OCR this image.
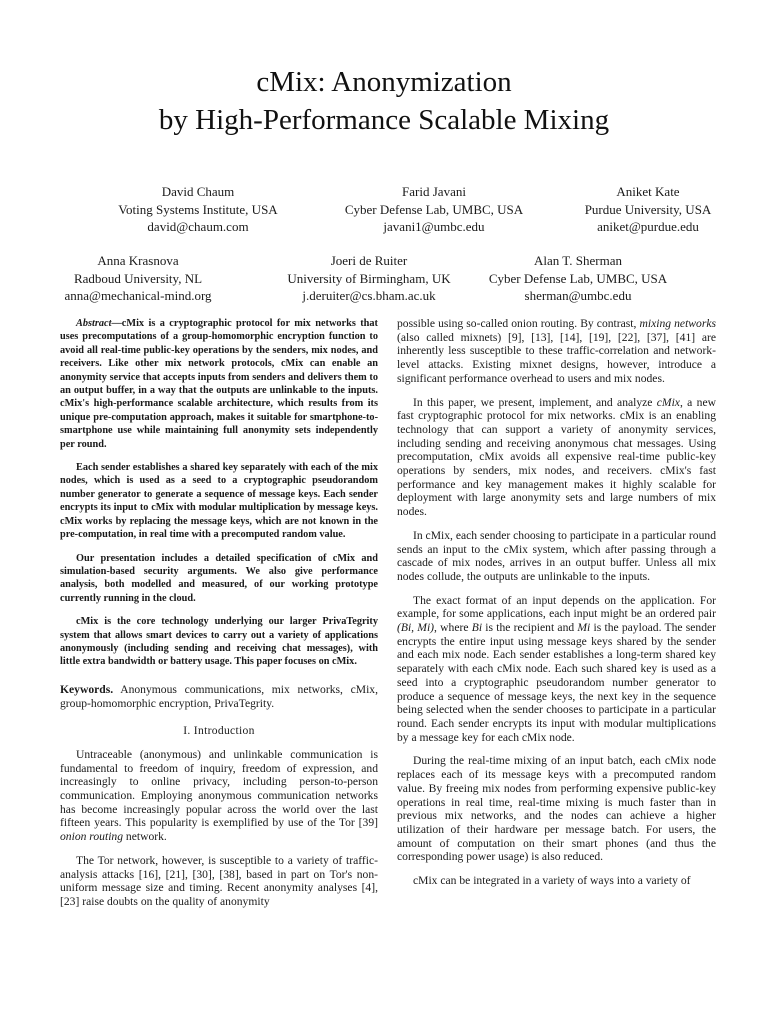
cMix: Anonymization
by High-Performance Scalable Mixing
David Chaum
Voting Systems Institute, USA
david@chaum.com
Farid Javani
Cyber Defense Lab, UMBC, USA
javani1@umbc.edu
Aniket Kate
Purdue University, USA
aniket@purdue.edu
Anna Krasnova
Radboud University, NL
anna@mechanical-mind.org
Joeri de Ruiter
University of Birmingham, UK
j.deruiter@cs.bham.ac.uk
Alan T. Sherman
Cyber Defense Lab, UMBC, USA
sherman@umbc.edu

Abstract—cMix is a cryptographic protocol for mix networks that uses precomputations of a group-homomorphic encryption function to avoid all real-time public-key operations by the senders, mix nodes, and receivers. Like other mix network protocols, cMix can enable an anonymity service that accepts inputs from senders and delivers them to an output buffer, in a way that the outputs are unlinkable to the inputs. cMix's high-performance scalable architecture, which results from its unique pre-computation approach, makes it suitable for smartphone-to-smartphone use while maintaining full anonymity sets independently per round.

Each sender establishes a shared key separately with each of the mix nodes, which is used as a seed to a cryptographic pseudorandom number generator to generate a sequence of message keys. Each sender encrypts its input to cMix with modular multiplication by message keys. cMix works by replacing the message keys, which are not known in the pre-computation, in real time with a precomputed random value.

Our presentation includes a detailed specification of cMix and simulation-based security arguments. We also give performance analysis, both modelled and measured, of our working prototype currently running in the cloud.

cMix is the core technology underlying our larger PrivaTegrity system that allows smart devices to carry out a variety of applications anonymously (including sending and receiving chat messages), with little extra bandwidth or battery usage. This paper focuses on cMix.

Keywords. Anonymous communications, mix networks, cMix, group-homomorphic encryption, PrivaTegrity.
I. Introduction

Untraceable (anonymous) and unlinkable communication is fundamental to freedom of inquiry, freedom of expression, and increasingly to online privacy, including person-to-person communication. Employing anonymous communication networks has become increasingly popular across the world over the last fifteen years. This popularity is exemplified by use of the Tor [39] onion routing network.

The Tor network, however, is susceptible to a variety of traffic-analysis attacks [16], [21], [30], [38], based in part on Tor's non-uniform message size and timing. Recent anonymity analyses [4], [23] raise doubts on the quality of anonymity

possible using so-called onion routing. By contrast, mixing networks (also called mixnets) [9], [13], [14], [19], [22], [37], [41] are inherently less susceptible to these traffic-correlation and network-level attacks. Existing mixnet designs, however, introduce a significant performance overhead to users and mix nodes.

In this paper, we present, implement, and analyze cMix, a new fast cryptographic protocol for mix networks. cMix is an enabling technology that can support a variety of anonymity services, including sending and receiving anonymous chat messages. Using precomputation, cMix avoids all expensive real-time public-key operations by senders, mix nodes, and receivers. cMix's fast performance and key management makes it highly scalable for deployment with large anonymity sets and large numbers of mix nodes.

In cMix, each sender choosing to participate in a particular round sends an input to the cMix system, which after passing through a cascade of mix nodes, arrives in an output buffer. Unless all mix nodes collude, the outputs are unlinkable to the inputs.

The exact format of an input depends on the application. For example, for some applications, each input might be an ordered pair (Bi, Mi), where Bi is the recipient and Mi is the payload. The sender encrypts the entire input using message keys shared by the sender and each mix node. Each sender establishes a long-term shared key separately with each cMix node. Each such shared key is used as a seed into a cryptographic pseudorandom number generator to produce a sequence of message keys, the next key in the sequence being selected when the sender chooses to participate in a particular round. Each sender encrypts its input with modular multiplications by a message key for each cMix node.

During the real-time mixing of an input batch, each cMix node replaces each of its message keys with a precomputed random value. By freeing mix nodes from performing expensive public-key operations in real time, real-time mixing is much faster than in previous mix networks, and the nodes can achieve a higher utilization of their hardware per message batch. For users, the amount of computation on their smart phones (and thus the corresponding power usage) is also reduced.

cMix can be integrated in a variety of ways into a variety of
